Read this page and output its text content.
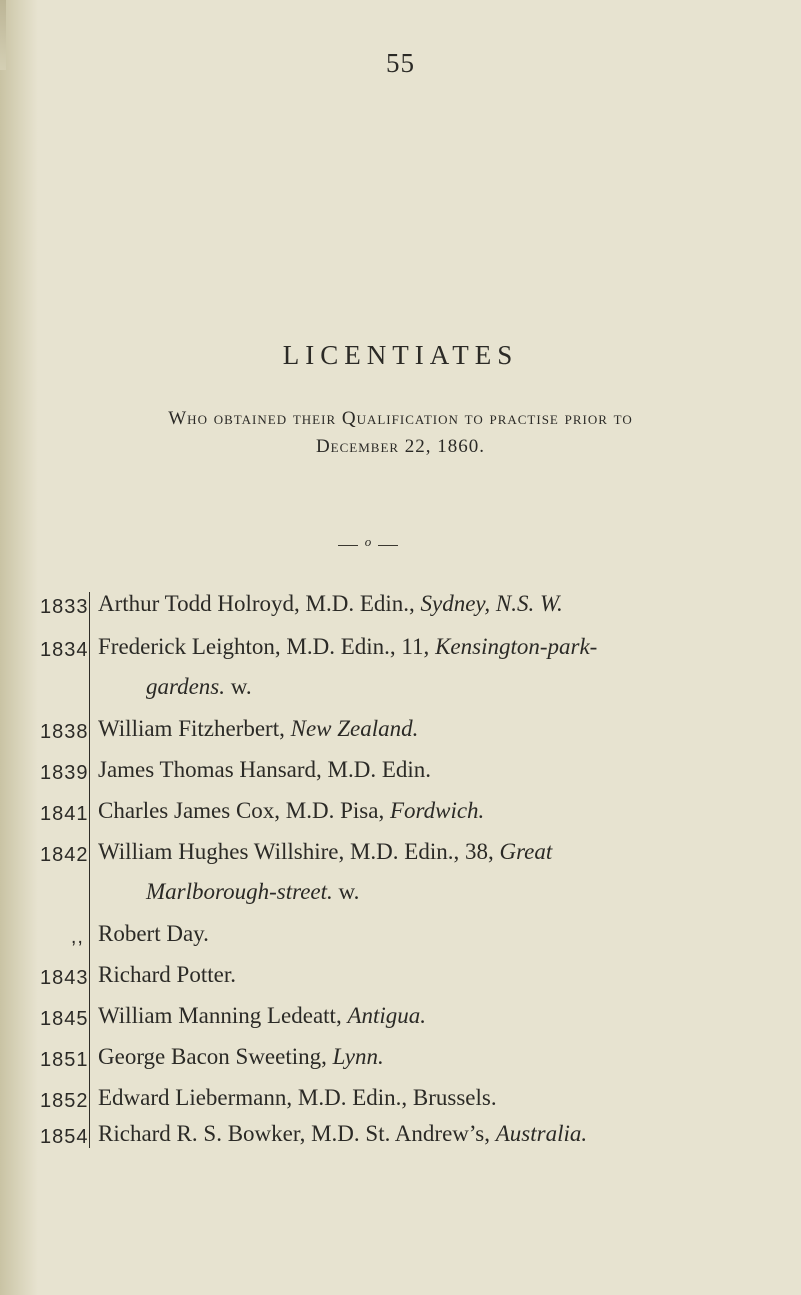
55
LICENTIATES
Who obtained their Qualification to practise prior to
December 22, 1860.
o
1833 Arthur Todd Holroyd, M.D. Edin., Sydney, N.S. W.
1834 Frederick Leighton, M.D. Edin., 11, Kensington-park-
gardens. w.
1838 William Fitzherbert, New Zealand.
1839 James Thomas Hansard, M.D. Edin.
1841 Charles James Cox, M.D. Pisa, Fordwich.
1842 William Hughes Willshire, M.D. Edin., 38, Great
Marlborough-street. w.
,, Robert Day.
1843 Richard Potter.
1845 William Manning Ledeatt, Antigua.
1851 George Bacon Sweeting, Lynn.
1852 Edward Liebermann, M.D. Edin., Brussels.
1854 Richard R. S. Bowker, M.D. St. Andrew’s, Australia.
